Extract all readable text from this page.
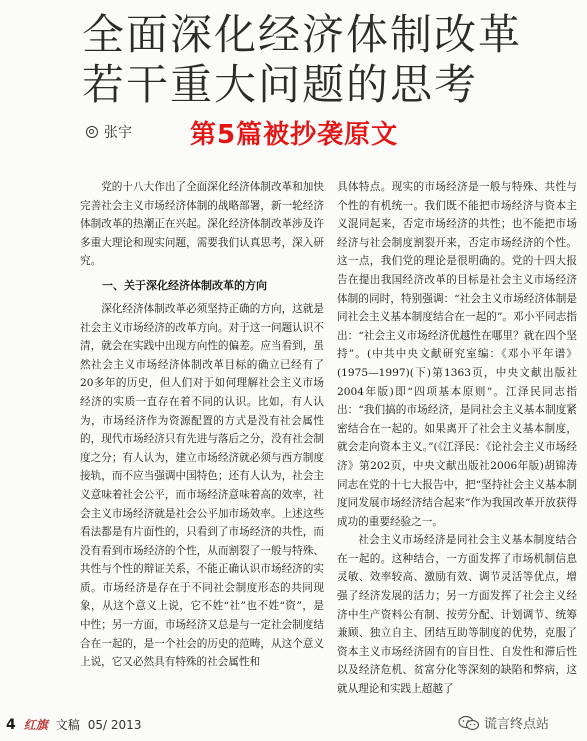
全面深化经济体制改革
若干重大问题的思考
张宇 第5篇被抄袭原文

党的十八大作出了全面深化经济体制改革和加快完善社会主义市场经济体制的战略部署，新一轮经济体制改革的热潮正在兴起。深化经济体制改革涉及许多重大理论和现实问题，需要我们认真思考，深入研究。

一、关于深化经济体制改革的方向

深化经济体制改革必须坚持正确的方向，这就是社会主义市场经济的改革方向。对于这一问题认识不清，就会在实践中出现方向性的偏差。应当看到，虽然社会主义市场经济体制改革目标的确立已经有了20多年的历史，但人们对于如何理解社会主义市场经济的实质一直存在着不同的认识。比如，有人认为，市场经济作为资源配置的方式是没有社会属性的，现代市场经济只有先进与落后之分，没有社会制度之分；有人认为，建立市场经济就必须与西方制度接轨，而不应当强调中国特色；还有人认为，社会主义意味着社会公平，而市场经济意味着高的效率，社会主义市场经济就是社会公平加市场效率。上述这些看法都是有片面性的，只看到了市场经济的共性，而没有看到市场经济的个性，从而割裂了一般与特殊、共性与个性的辩证关系，不能正确认识市场经济的实质。市场经济是存在于不同社会制度形态的共同现象，从这个意义上说，它不姓“社”也不姓“资”，是中性；另一方面，市场经济又总是与一定社会制度结合在一起的，是一个社会的历史的范畴，从这个意义上说，它又必然具有特殊的社会属性和

具体特点。现实的市场经济是一般与特殊、共性与个性的有机统一。我们既不能把市场经济与资本主义混同起来，否定市场经济的共性；也不能把市场经济与社会制度割裂开来，否定市场经济的个性。这一点，我们党的理论是很明确的。党的十四大报告在提出我国经济改革的目标是社会主义市场经济体制的同时，特别强调：“社会主义市场经济体制是同社会主义基本制度结合在一起的”。邓小平同志指出：“社会主义市场经济优越性在哪里？就在四个坚持”。(中共中央文献研究室编：《邓小平年谱》(1975—1997)(下)第1363页，中央文献出版社2004年版)即“四项基本原则”。江泽民同志指出：“我们搞的市场经济，是同社会主义基本制度紧密结合在一起的。如果离开了社会主义基本制度，就会走向资本主义。”(《江泽民：《论社会主义市场经济》第202页，中央文献出版社2006年版)胡锦涛同志在党的十七大报告中，把“坚持社会主义基本制度同发展市场经济结合起来”作为我国改革开放获得成功的重要经验之一。

社会主义市场经济是同社会主义基本制度结合在一起的。这种结合，一方面发挥了市场机制信息灵敏、效率较高、激励有效、调节灵活等优点，增强了经济发展的活力；另一方面发挥了社会主义经济中生产资料公有制、按劳分配、计划调节、统筹兼顾、独立自主、团结互助等制度的优势，克服了资本主义市场经济固有的盲目性、自发性和滞后性以及经济危机、贫富分化等深刻的缺陷和弊病，这就从理论和实践上超越了

4 红旗 文稿 05/ 2013	谎言终点站
